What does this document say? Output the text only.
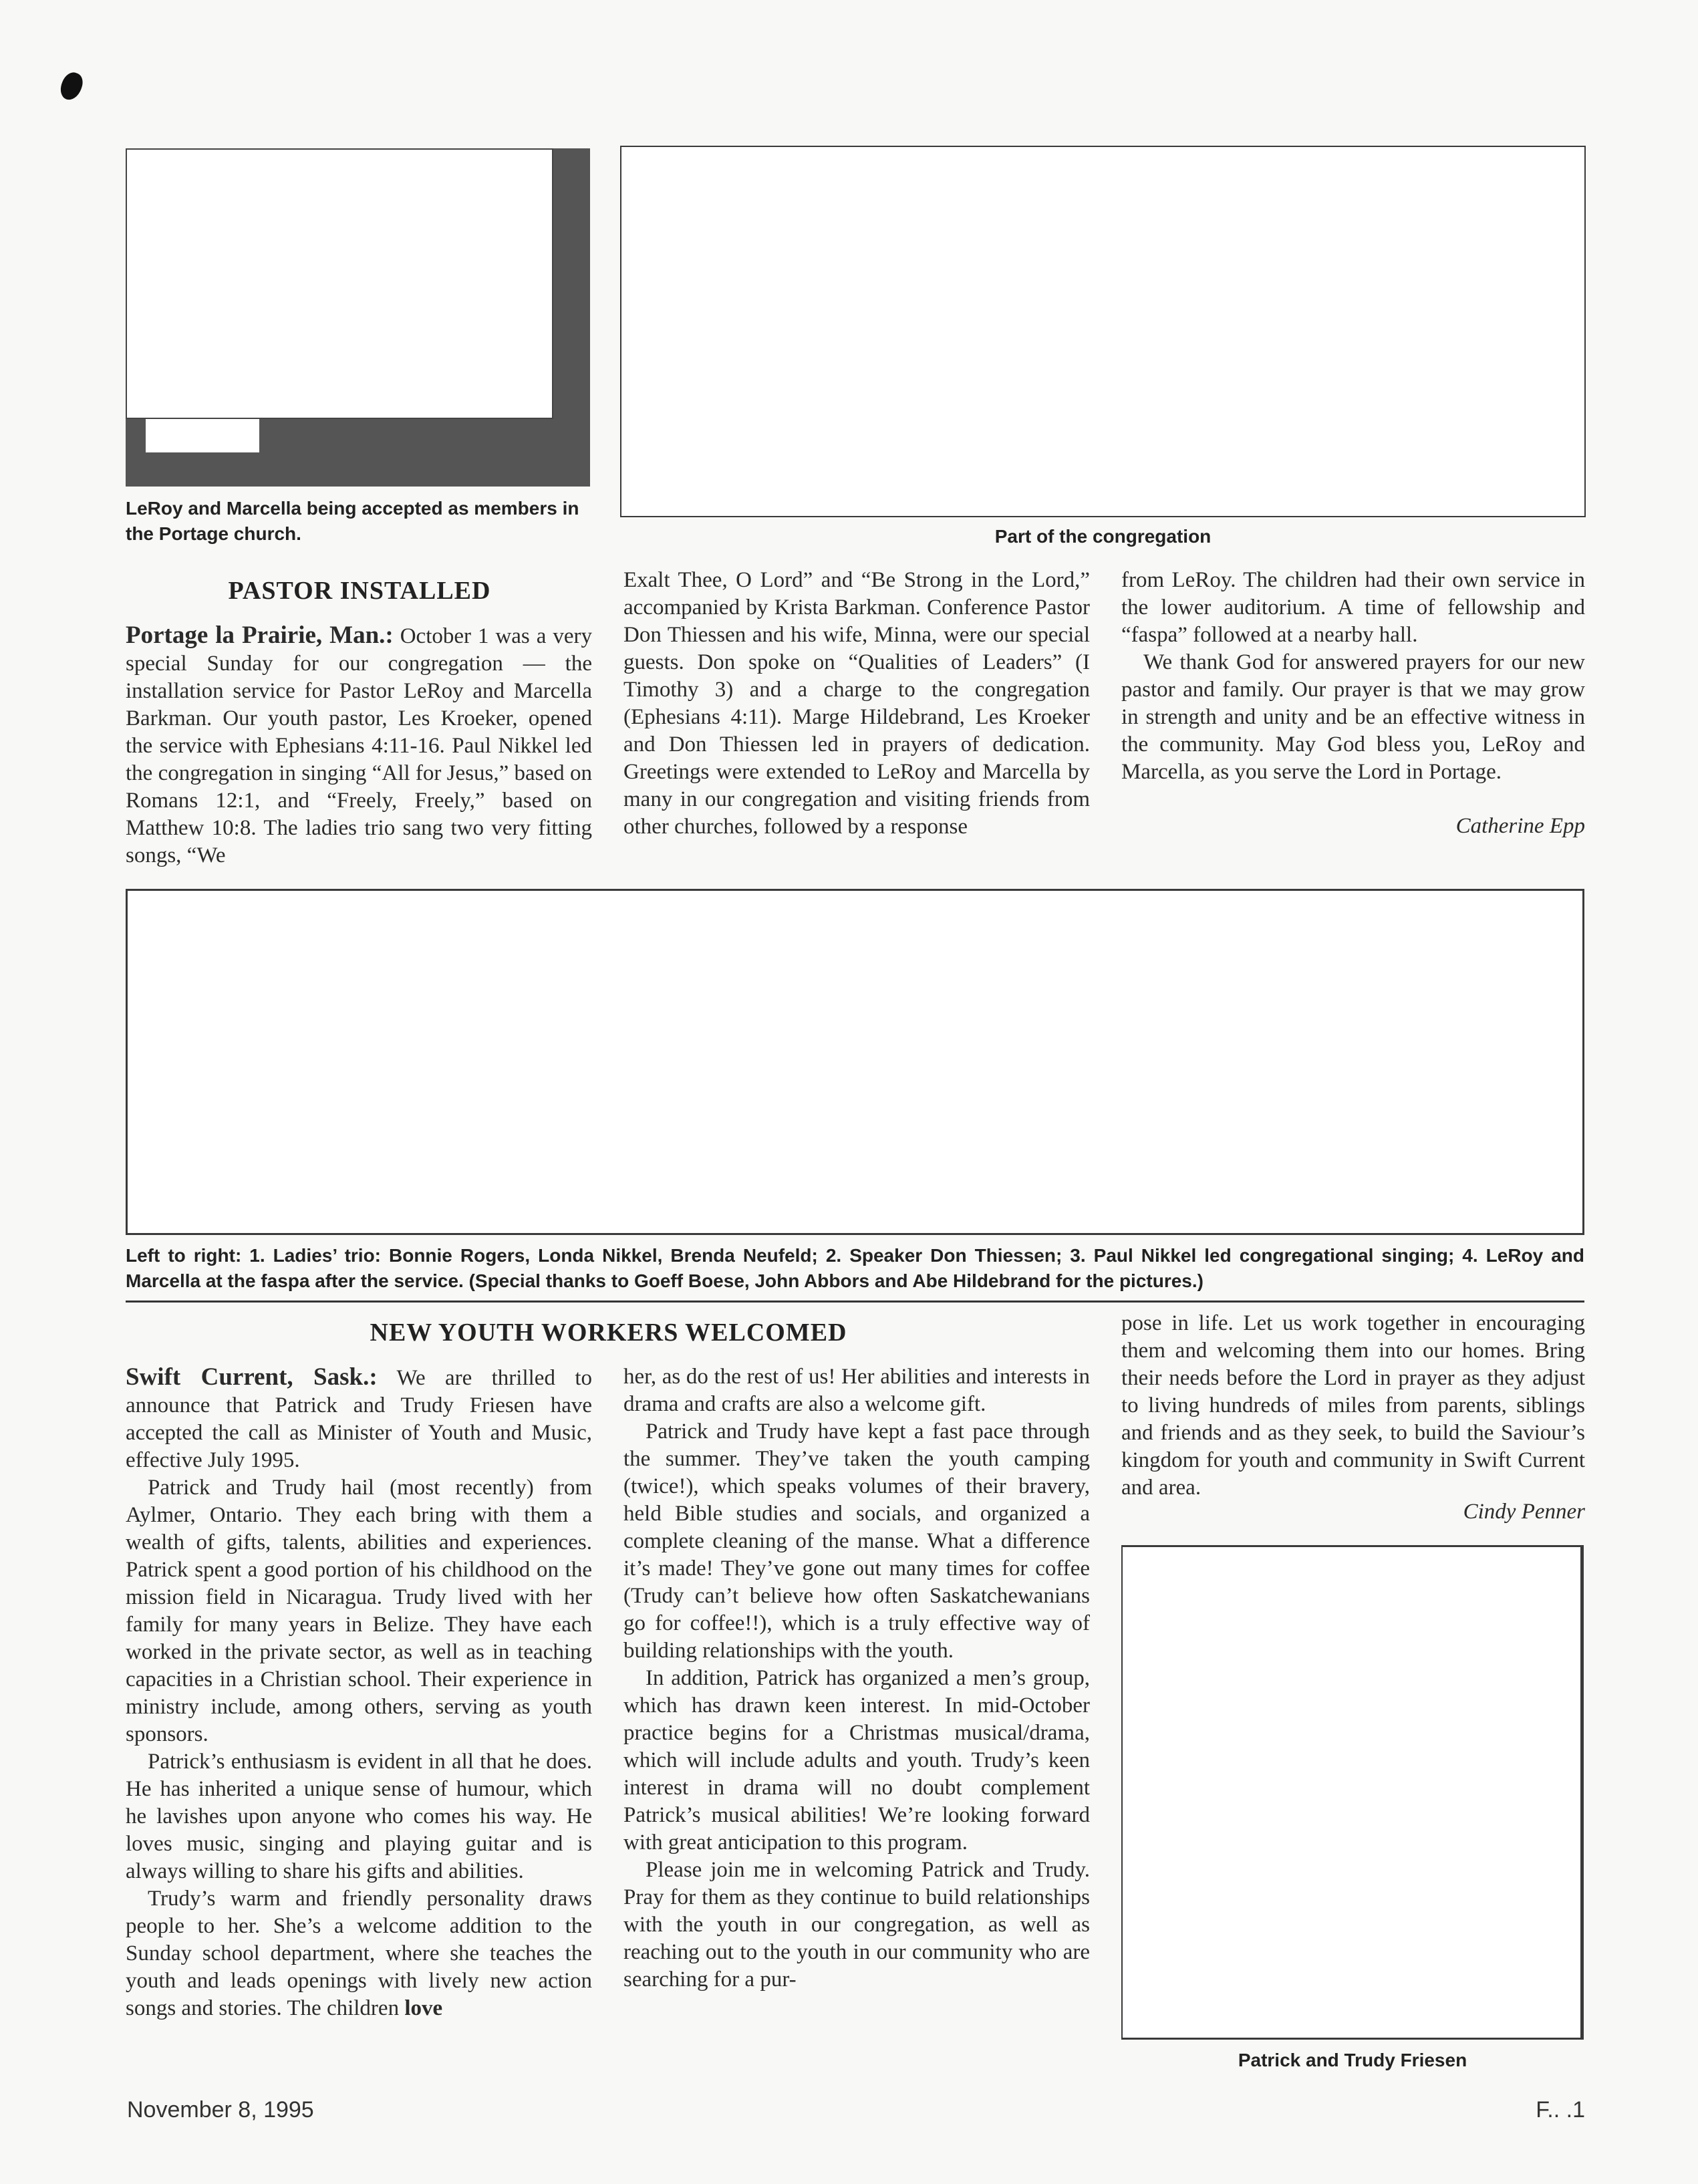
LeRoy and Marcella being accepted as members in the Portage church.	Part of the congregation
PASTOR INSTALLED

Portage la Prairie, Man.: October 1 was a very special Sunday for our congregation — the installation service for Pastor LeRoy and Marcella Barkman. Our youth pastor, Les Kroeker, opened the service with Ephesians 4:11-16. Paul Nikkel led the congregation in singing “All for Jesus,” based on Romans 12:1, and “Freely, Freely,” based on Matthew 10:8. The ladies trio sang two very fitting songs, “We

Exalt Thee, O Lord” and “Be Strong in the Lord,” accompanied by Krista Barkman. Conference Pastor Don Thiessen and his wife, Minna, were our special guests. Don spoke on “Qualities of Leaders” (I Timothy 3) and a charge to the congregation (Ephesians 4:11). Marge Hildebrand, Les Kroeker and Don Thiessen led in prayers of dedication. Greetings were extended to LeRoy and Marcella by many in our congregation and visiting friends from other churches, followed by a response

from LeRoy. The children had their own service in the lower auditorium. A time of fellowship and “faspa” followed at a nearby hall.

We thank God for answered prayers for our new pastor and family. Our prayer is that we may grow in strength and unity and be an effective witness in the community. May God bless you, LeRoy and Marcella, as you serve the Lord in Portage.

Catherine Epp
Left to right: 1. Ladies’ trio: Bonnie Rogers, Londa Nikkel, Brenda Neufeld; 2. Speaker Don Thiessen; 3. Paul Nikkel led congregational singing; 4. LeRoy and Marcella at the faspa after the service. (Special thanks to Goeff Boese, John Abbors and Abe Hildebrand for the pictures.)
NEW YOUTH WORKERS WELCOMED

Swift Current, Sask.: We are thrilled to announce that Patrick and Trudy Friesen have accepted the call as Minister of Youth and Music, effective July 1995.

Patrick and Trudy hail (most recently) from Aylmer, Ontario. They each bring with them a wealth of gifts, talents, abilities and experiences. Patrick spent a good portion of his childhood on the mission field in Nicaragua. Trudy lived with her family for many years in Belize. They have each worked in the private sector, as well as in teaching capacities in a Christian school. Their experience in ministry include, among others, serving as youth sponsors.

Patrick’s enthusiasm is evident in all that he does. He has inherited a unique sense of humour, which he lavishes upon anyone who comes his way. He loves music, singing and playing guitar and is always willing to share his gifts and abilities.

Trudy’s warm and friendly personality draws people to her. She’s a welcome addition to the Sunday school department, where she teaches the youth and leads openings with lively new action songs and stories. The children love

her, as do the rest of us! Her abilities and interests in drama and crafts are also a welcome gift.

Patrick and Trudy have kept a fast pace through the summer. They’ve taken the youth camping (twice!), which speaks volumes of their bravery, held Bible studies and socials, and organized a complete cleaning of the manse. What a difference it’s made! They’ve gone out many times for coffee (Trudy can’t believe how often Saskatchewanians go for coffee!!), which is a truly effective way of building relationships with the youth.

In addition, Patrick has organized a men’s group, which has drawn keen interest. In mid-October practice begins for a Christmas musical/drama, which will include adults and youth. Trudy’s keen interest in drama will no doubt complement Patrick’s musical abilities! We’re looking forward with great anticipation to this program.

Please join me in welcoming Patrick and Trudy. Pray for them as they continue to build relationships with the youth in our congregation, as well as reaching out to the youth in our community who are searching for a pur-

pose in life. Let us work together in encouraging them and welcoming them into our homes. Bring their needs before the Lord in prayer as they adjust to living hundreds of miles from parents, siblings and friends and as they seek, to build the Saviour’s kingdom for youth and community in Swift Current and area.

Cindy Penner
Patrick and Trudy Friesen
November 8, 1995	F.. .1
